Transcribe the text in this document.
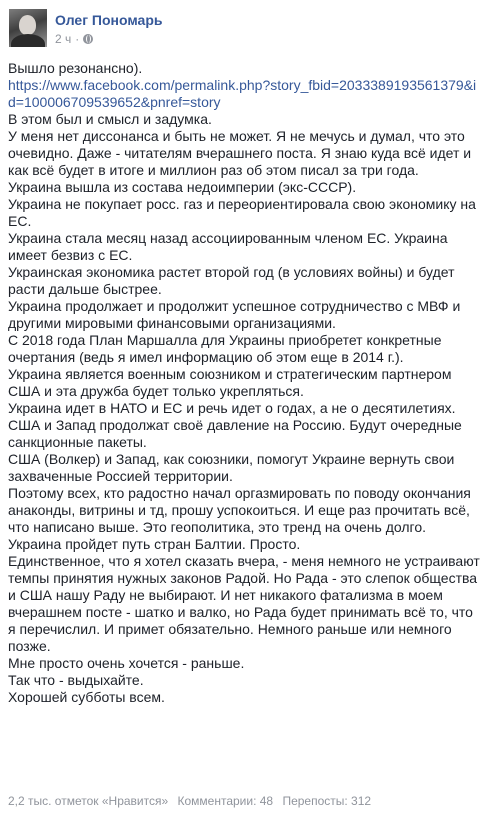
Олег Пономарь
2 ч ·

Вышло резонансно).

https://www.facebook.com/permalink.php?story_fbid=2033389193561379&id=100006709539652&pnref=story

В этом был и смысл и задумка.

У меня нет диссонанса и быть не может. Я не мечусь и думал, что это очевидно. Даже - читателям вчерашнего поста. Я знаю куда всё идет и как всё будет в итоге и миллион раз об этом писал за три года.

Украина вышла из состава недоимперии (экс-СССР).

Украина не покупает росс. газ и переориентировала свою экономику на ЕС.

Украина стала месяц назад ассоциированным членом ЕС. Украина имеет безвиз с ЕС.

Украинская экономика растет второй год (в условиях войны) и будет расти дальше быстрее.

Украина продолжает и продолжит успешное сотрудничество с МВФ и другими мировыми финансовыми организациями.

С 2018 года План Маршалла для Украины приобретет конкретные очертания (ведь я имел информацию об этом еще в 2014 г.).

Украина является военным союзником и стратегическим партнером США и эта дружба будет только укрепляться.

Украина идет в НАТО и ЕС и речь идет о годах, а не о десятилетиях.

США и Запад продолжат своё давление на Россию. Будут очередные санкционные пакеты.

США (Волкер) и Запад, как союзники, помогут Украине вернуть свои захваченные Россией территории.

Поэтому всех, кто радостно начал оргазмировать по поводу окончания анаконды, витрины и тд, прошу успокоиться. И еще раз прочитать всё, что написано выше. Это геополитика, это тренд на очень долго.

Украина пройдет путь стран Балтии. Просто.

Единственное, что я хотел сказать вчера, - меня немного не устраивают темпы принятия нужных законов Радой. Но Рада - это слепок общества и США нашу Раду не выбирают. И нет никакого фатализма в моем вчерашнем посте - шатко и валко, но Рада будет принимать всё то, что я перечислил. И примет обязательно. Немного раньше или немного позже.

Мне просто очень хочется - раньше.

Так что - выдыхайте.

Хорошей субботы всем.

2,2 тыс. отметок «Нравится» Комментарии: 48 Перепосты: 312
